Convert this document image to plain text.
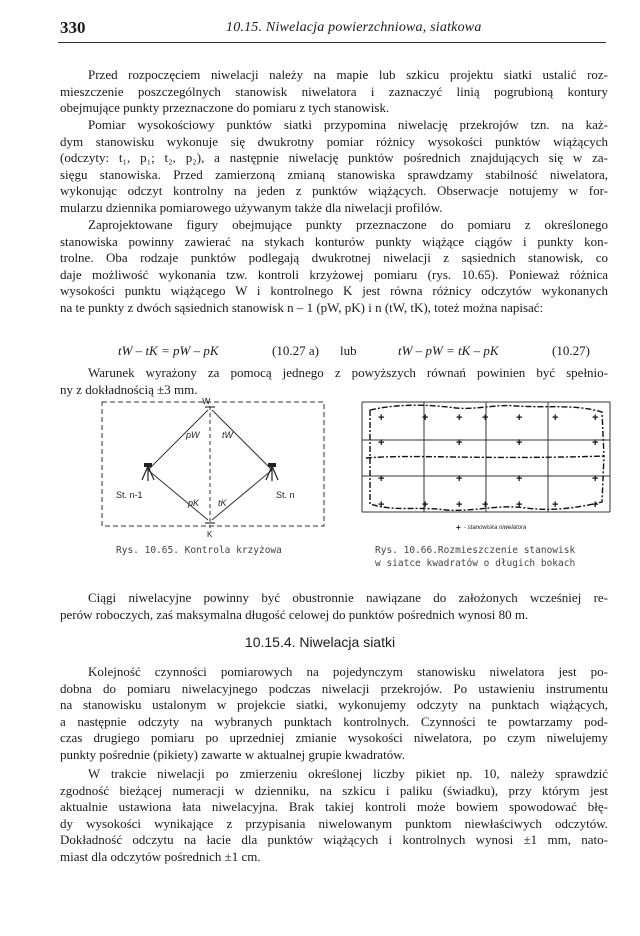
330	10.15. Niwelacja powierzchniowa, siatkowa
Przed rozpoczęciem niwelacji należy na mapie lub szkicu projektu siatki ustalić roz-
mieszczenie poszczególnych stanowisk niwelatora i zaznaczyć linią pogrubioną kontury
obejmujące punkty przeznaczone do pomiaru z tych stanowisk.
Pomiar wysokościowy punktów siatki przypomina niwelację przekrojów tzn. na każ-
dym stanowisku wykonuje się dwukrotny pomiar różnicy wysokości punktów wiążących
(odczyty: t₁, p₁; t₂, p₂), a następnie niwelację punktów pośrednich znajdujących się w za-
sięgu stanowiska. Przed zamierzoną zmianą stanowiska sprawdzamy stabilność niwelatora,
wykonując odczyt kontrolny na jeden z punktów wiążących. Obserwacje notujemy w for-
mularzu dziennika pomiarowego używanym także dla niwelacji profilów.
Zaprojektowane figury obejmujące punkty przeznaczone do pomiaru z określonego
stanowiska powinny zawierać na stykach konturów punkty wiążące ciągów i punkty kon-
trolne. Oba rodzaje punktów podlegają dwukrotnej niwelacji z sąsiednich stanowisk, co
daje możliwość wykonania tzw. kontroli krzyżowej pomiaru (rys. 10.65). Ponieważ różnica
wysokości punktu wiążącego W i kontrolnego K jest równa różnicy odczytów wykonanych
na te punkty z dwóch sąsiednich stanowisk n – 1 (pW, pK) i n (tW, tK), toteż można napisać:
tW – tK = pW – pK	(10.27 a) lub	tW – pW = tK – pK	(10.27)
Warunek wyrażony za pomocą jednego z powyższych równań powinien być spełnio-
ny z dokładnością ±3 mm.
W
K
pW	tW
pK tK
St. n-1	St. n
Rys. 10.65. Kontrola krzyżowa
+	+	+ +	+	+	+
+	+	+	+
+	+	+	+
+	+	+ +	+	+	+
+ - stanowiska niwelatora
Rys. 10.66.Rozmieszczenie stanowisk
w siatce kwadratów o długich bokach
Ciągi niwelacyjne powinny być obustronnie nawiązane do założonych wcześniej re-
perów roboczych, zaś maksymalna długość celowej do punktów pośrednich wynosi 80 m.
10.15.4. Niwelacja siatki
Kolejność czynności pomiarowych na pojedynczym stanowisku niwelatora jest po-
dobna do pomiaru niwelacyjnego podczas niwelacji przekrojów. Po ustawieniu instrumentu
na stanowisku ustalonym w projekcie siatki, wykonujemy odczyty na punktach wiążących,
a następnie odczyty na wybranych punktach kontrolnych. Czynności te powtarzamy pod-
czas drugiego pomiaru po uprzedniej zmianie wysokości niwelatora, po czym niwelujemy
punkty pośrednie (pikiety) zawarte w aktualnej grupie kwadratów.
W trakcie niwelacji po zmierzeniu określonej liczby pikiet np. 10, należy sprawdzić
zgodność bieżącej numeracji w dzienniku, na szkicu i paliku (świadku), przy którym jest
aktualnie ustawiona łata niwelacyjna. Brak takiej kontroli może bowiem spowodować błę-
dy wysokości wynikające z przypisania niwelowanym punktom niewłaściwych odczytów.
Dokładność odczytu na łacie dla punktów wiążących i kontrolnych wynosi ±1 mm, nato-
miast dla odczytów pośrednich ±1 cm.
